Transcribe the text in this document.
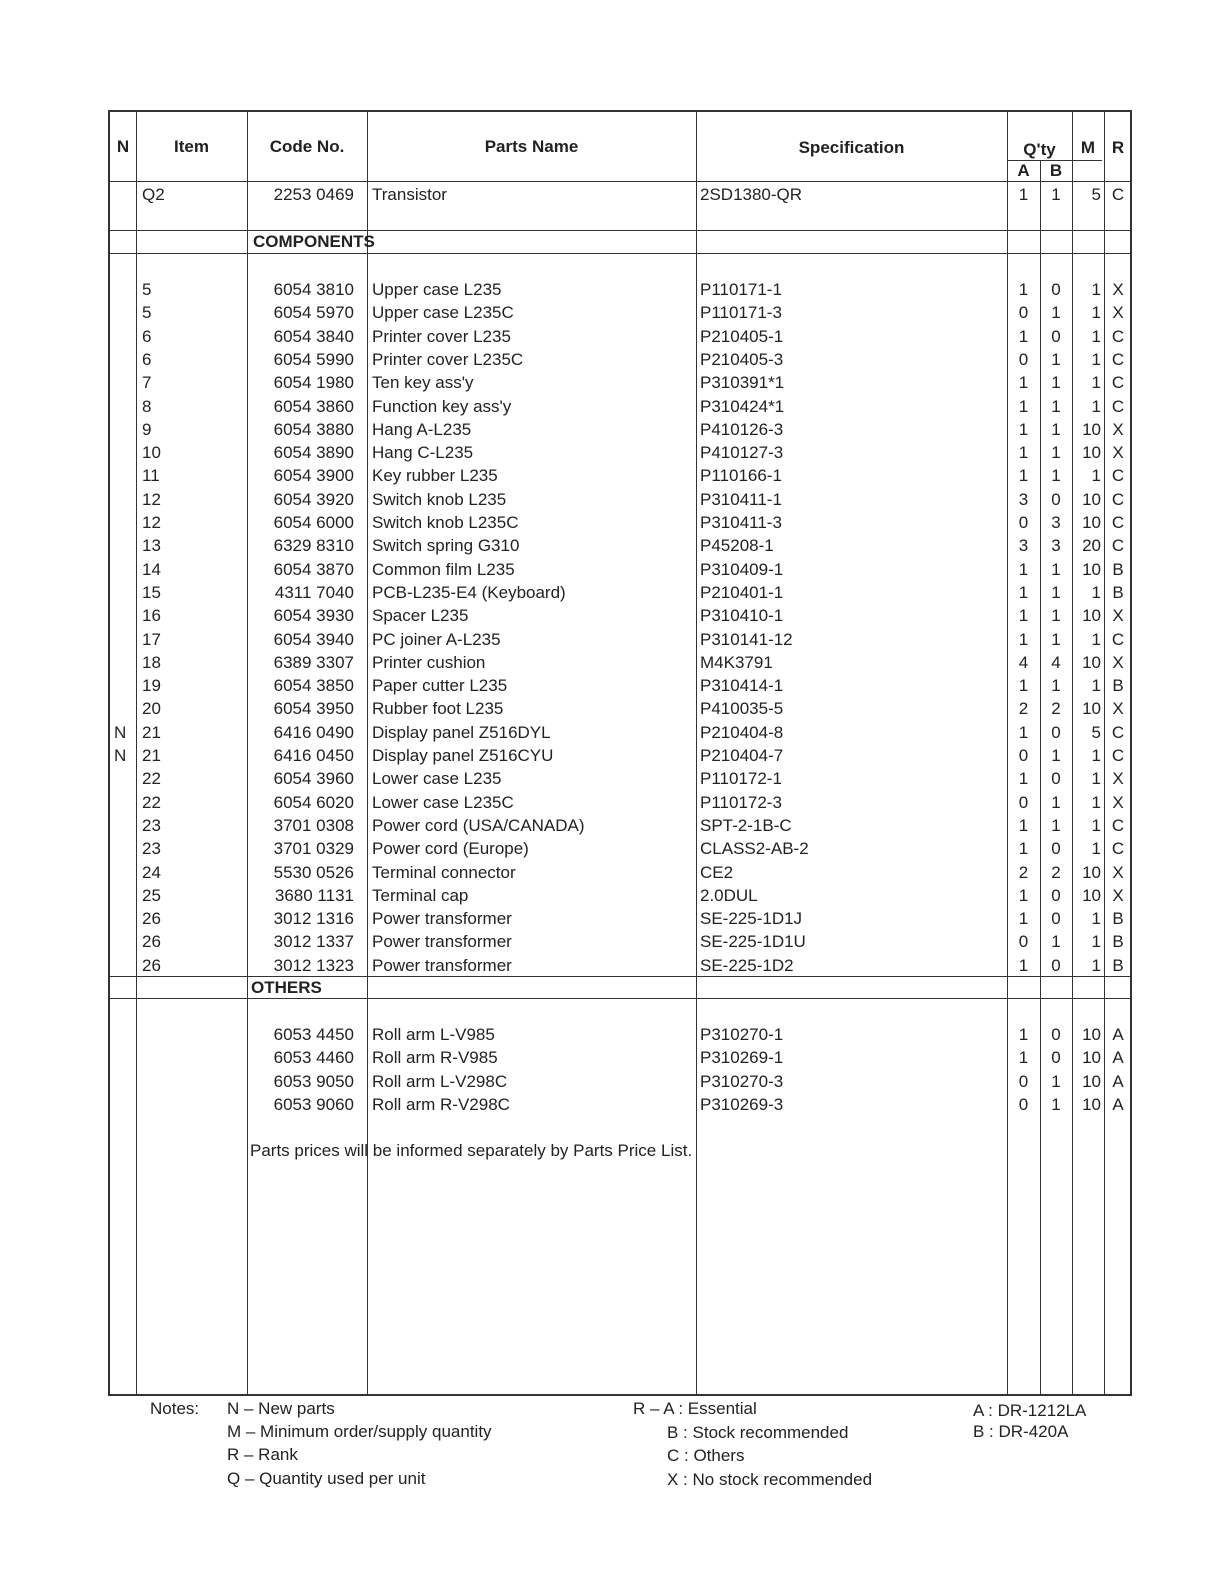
N	Item	Code No.	Parts Name	Specification	Q'ty
A	B
M R
COMPONENTS
OTHERS
Parts prices will be informed separately by Parts Price List.
Q2	2253 0469 Transistor	2SD1380-QR	1	1	5 C
5	6054 3810 Upper case L235	P110171-1	1	0	1 X
5	6054 5970 Upper case L235C	P110171-3	0	1	1 X
6	6054 3840 Printer cover L235	P210405-1	1	0	1 C
6	6054 5990 Printer cover L235C	P210405-3	0	1	1 C
7	6054 1980 Ten key ass'y	P310391*1	1	1	1 C
8	6054 3860 Function key ass'y	P310424*1	1	1	1 C
9	6054 3880 Hang A-L235	P410126-3	1	1	10 X
10	6054 3890 Hang C-L235	P410127-3	1	1	10 X
11	6054 3900 Key rubber L235	P110166-1	1	1	1 C
12	6054 3920 Switch knob L235	P310411-1	3	0	10 C
12	6054 6000 Switch knob L235C	P310411-3	0	3	10 C
13	6329 8310 Switch spring G310	P45208-1	3	3	20 C
14	6054 3870 Common film L235	P310409-1	1	1	10 B
15	4311 7040 PCB-L235-E4 (Keyboard)	P210401-1	1	1	1 B
16	6054 3930 Spacer L235	P310410-1	1	1	10 X
17	6054 3940 PC joiner A-L235	P310141-12	1	1	1 C
18	6389 3307 Printer cushion	M4K3791	4	4	10 X
19	6054 3850 Paper cutter L235	P310414-1	1	1	1 B
20	6054 3950 Rubber foot L235	P410035-5	2	2	10 X
N 21	6416 0490 Display panel Z516DYL	P210404-8	1	0	5 C
N 21	6416 0450 Display panel Z516CYU	P210404-7	0	1	1 C
22	6054 3960 Lower case L235	P110172-1	1	0	1 X
22	6054 6020 Lower case L235C	P110172-3	0	1	1 X
23	3701 0308 Power cord (USA/CANADA)	SPT-2-1B-C	1	1	1 C
23	3701 0329 Power cord (Europe)	CLASS2-AB-2	1	0	1 C
24	5530 0526 Terminal connector	CE2	2	2	10 X
25	3680 1131 Terminal cap	2.0DUL	1	0	10 X
26	3012 1316 Power transformer	SE-225-1D1J	1	0	1 B
26	3012 1337 Power transformer	SE-225-1D1U	0	1	1 B
26	3012 1323 Power transformer	SE-225-1D2	1	0	1 B
6053 4450 Roll arm L-V985	P310270-1	1	0	10 A
6053 4460 Roll arm R-V985	P310269-1	1	0	10 A
6053 9050 Roll arm L-V298C	P310270-3	0	1	10 A
6053 9060 Roll arm R-V298C	P310269-3	0	1	10 A
Notes: N – New parts
M – Minimum order/supply quantity
R – Rank
Q – Quantity used per unit
R – A : Essential
B : Stock recommended
C : Others
X : No stock recommended
A : DR-1212LA
B : DR-420A
